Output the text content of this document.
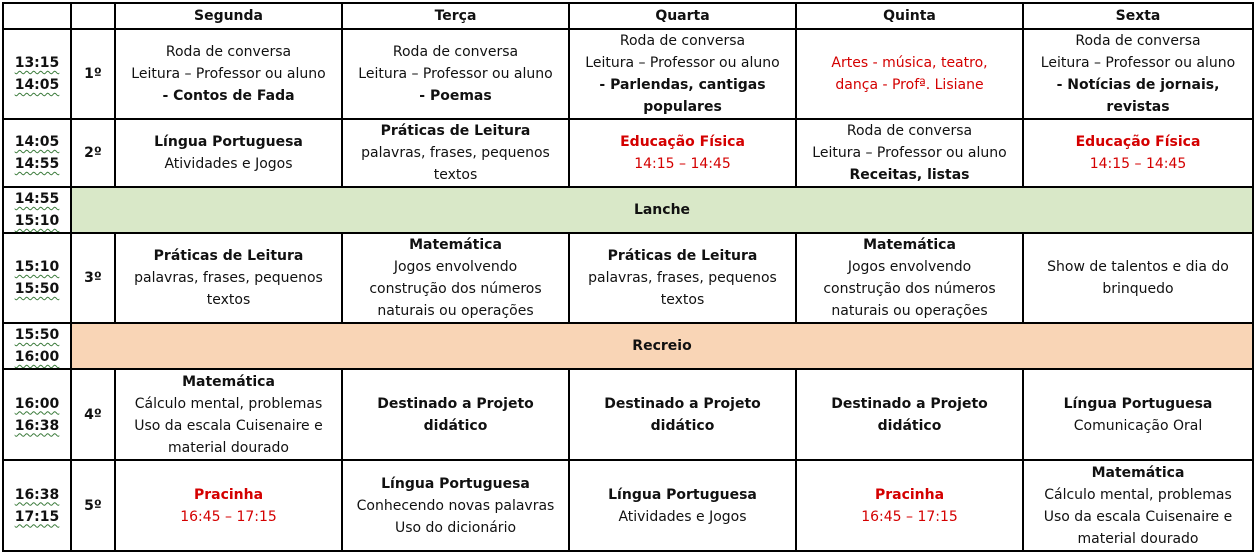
		Segunda	Terça	Quarta	Quinta	Sexta

13:15
14:05	1º	Roda de conversa
Leitura – Professor ou aluno
- Contos de Fada	Roda de conversa
Leitura – Professor ou aluno
- Poemas	Roda de conversa
Leitura – Professor ou aluno
- Parlendas, cantigas
populares	Artes - música, teatro,
dança - Profª. Lisiane	Roda de conversa
Leitura – Professor ou aluno
- Notícias de jornais,
revistas

14:05
14:55	2º	Língua Portuguesa
Atividades e Jogos	Práticas de Leitura
palavras, frases, pequenos
textos	Educação Física
14:15 – 14:45	Roda de conversa
Leitura – Professor ou aluno
Receitas, listas	Educação Física
14:15 – 14:45

14:55
15:10	Lanche					

15:10
15:50	3º	Práticas de Leitura
palavras, frases, pequenos
textos	Matemática
Jogos envolvendo
construção dos números
naturais ou operações	Práticas de Leitura
palavras, frases, pequenos
textos	Matemática
Jogos envolvendo
construção dos números
naturais ou operações	Show de talentos e dia do
brinquedo

15:50
16:00	Recreio					

16:00
16:38	4º	Matemática
Cálculo mental, problemas
Uso da escala Cuisenaire e
material dourado	Destinado a Projeto
didático	Destinado a Projeto
didático	Destinado a Projeto
didático	Língua Portuguesa
Comunicação Oral

16:38
17:15	5º	Pracinha
16:45 – 17:15	Língua Portuguesa
Conhecendo novas palavras
Uso do dicionário	Língua Portuguesa
Atividades e Jogos	Pracinha
16:45 – 17:15	Matemática
Cálculo mental, problemas
Uso da escala Cuisenaire e
material dourado
